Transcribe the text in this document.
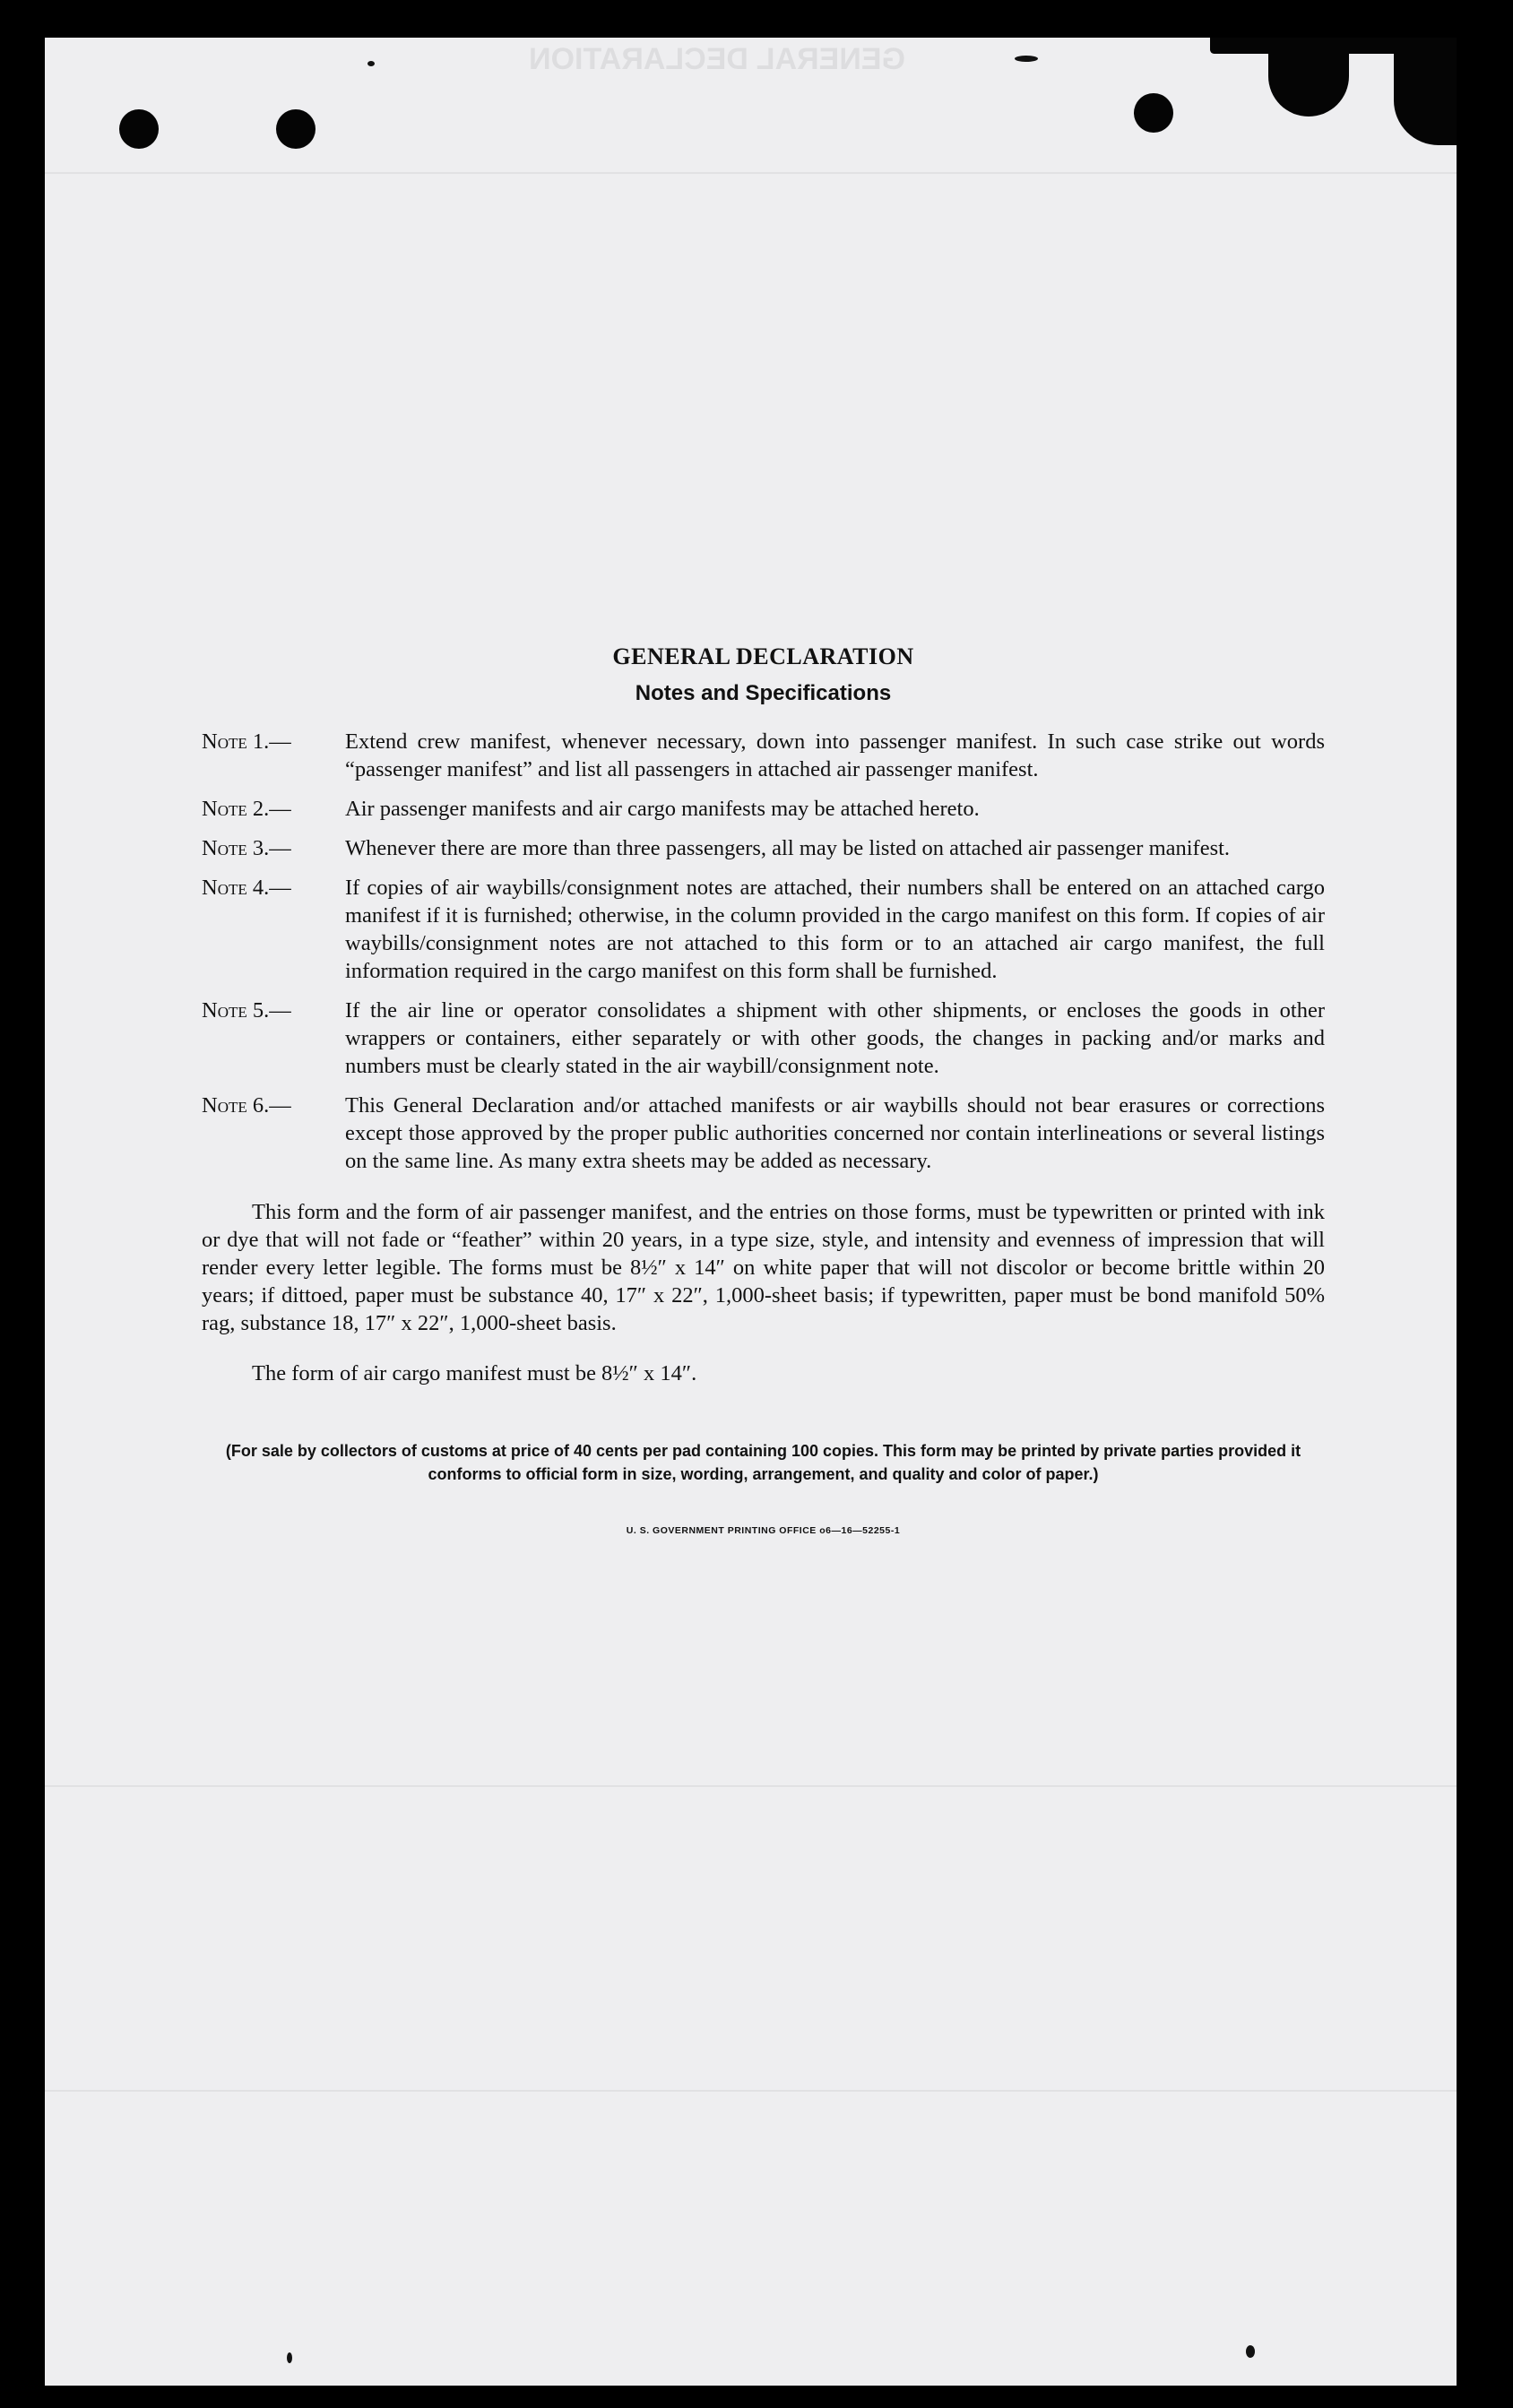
GENERAL DECLARATION
GENERAL DECLARATION
Notes and Specifications
Note 1.—	Extend crew manifest, whenever necessary, down into passenger manifest. In such case strike out words “passenger manifest” and list all passengers in attached air passenger manifest.
Note 2.—	Air passenger manifests and air cargo manifests may be attached hereto.
Note 3.—	Whenever there are more than three passengers, all may be listed on attached air passenger manifest.
Note 4.—	If copies of air waybills/consignment notes are attached, their numbers shall be entered on an attached cargo manifest if it is furnished; otherwise, in the column provided in the cargo manifest on this form. If copies of air waybills/consignment notes are not attached to this form or to an attached air cargo manifest, the full information required in the cargo manifest on this form shall be furnished.
Note 5.—	If the air line or operator consolidates a shipment with other shipments, or encloses the goods in other wrappers or containers, either separately or with other goods, the changes in packing and/or marks and numbers must be clearly stated in the air waybill/consignment note.
Note 6.—	This General Declaration and/or attached manifests or air waybills should not bear erasures or corrections except those approved by the proper public authorities concerned nor contain interlineations or several listings on the same line. As many extra sheets may be added as necessary.

This form and the form of air passenger manifest, and the entries on those forms, must be typewritten or printed with ink or dye that will not fade or “feather” within 20 years, in a type size, style, and intensity and evenness of impression that will render every letter legible. The forms must be 8½″ x 14″ on white paper that will not discolor or become brittle within 20 years; if dittoed, paper must be substance 40, 17″ x 22″, 1,000-sheet basis; if typewritten, paper must be bond manifold 50% rag, substance 18, 17″ x 22″, 1,000-sheet basis.

The form of air cargo manifest must be 8½″ x 14″.

(For sale by collectors of customs at price of 40 cents per pad containing 100 copies. This form may be printed by private parties provided it conforms to official form in size, wording, arrangement, and quality and color of paper.)
U. S. GOVERNMENT PRINTING OFFICE o6—16—52255-1
